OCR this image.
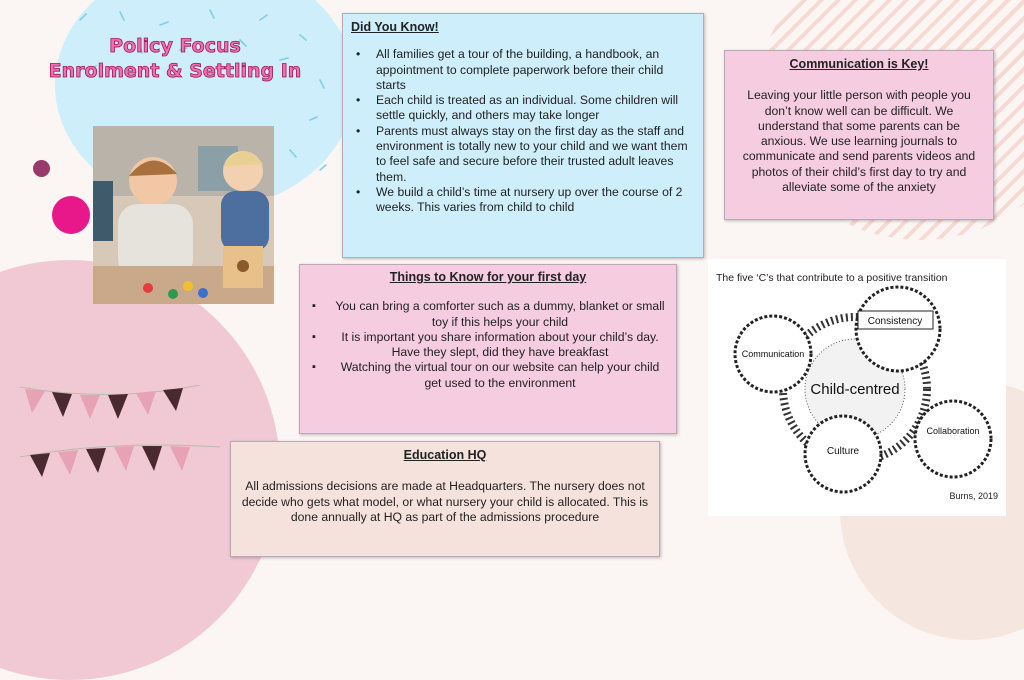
Policy Focus
Enrolment & Settling In
Did You Know!
• All families get a tour of the building, a handbook, an appointment to complete paperwork before their child starts
• Each child is treated as an individual. Some children will settle quickly, and others may take longer
• Parents must always stay on the first day as the staff and environment is totally new to your child and we want them to feel safe and secure before their trusted adult leaves them.
• We build a child’s time at nursery up over the course of 2 weeks. This varies from child to child
Communication is Key!
Leaving your little person with people you don’t know well can be difficult. We understand that some parents can be anxious. We use learning journals to communicate and send parents videos and photos of their child’s first day to try and alleviate some of the anxiety
Things to Know for your first day
▪ You can bring a comforter such as a dummy, blanket or small toy if this helps your child
▪ It is important you share information about your child’s day. Have they slept, did they have breakfast
▪ Watching the virtual tour on our website can help your child get used to the environment
Education HQ
All admissions decisions are made at Headquarters. The nursery does not decide who gets what model, or what nursery your child is allocated. This is done annually at HQ as part of the admissions procedure
The five ‘C’s that contribute to a positive transition
Child-centred
Consistency
Communication
Culture
Collaboration
Burns, 2019
